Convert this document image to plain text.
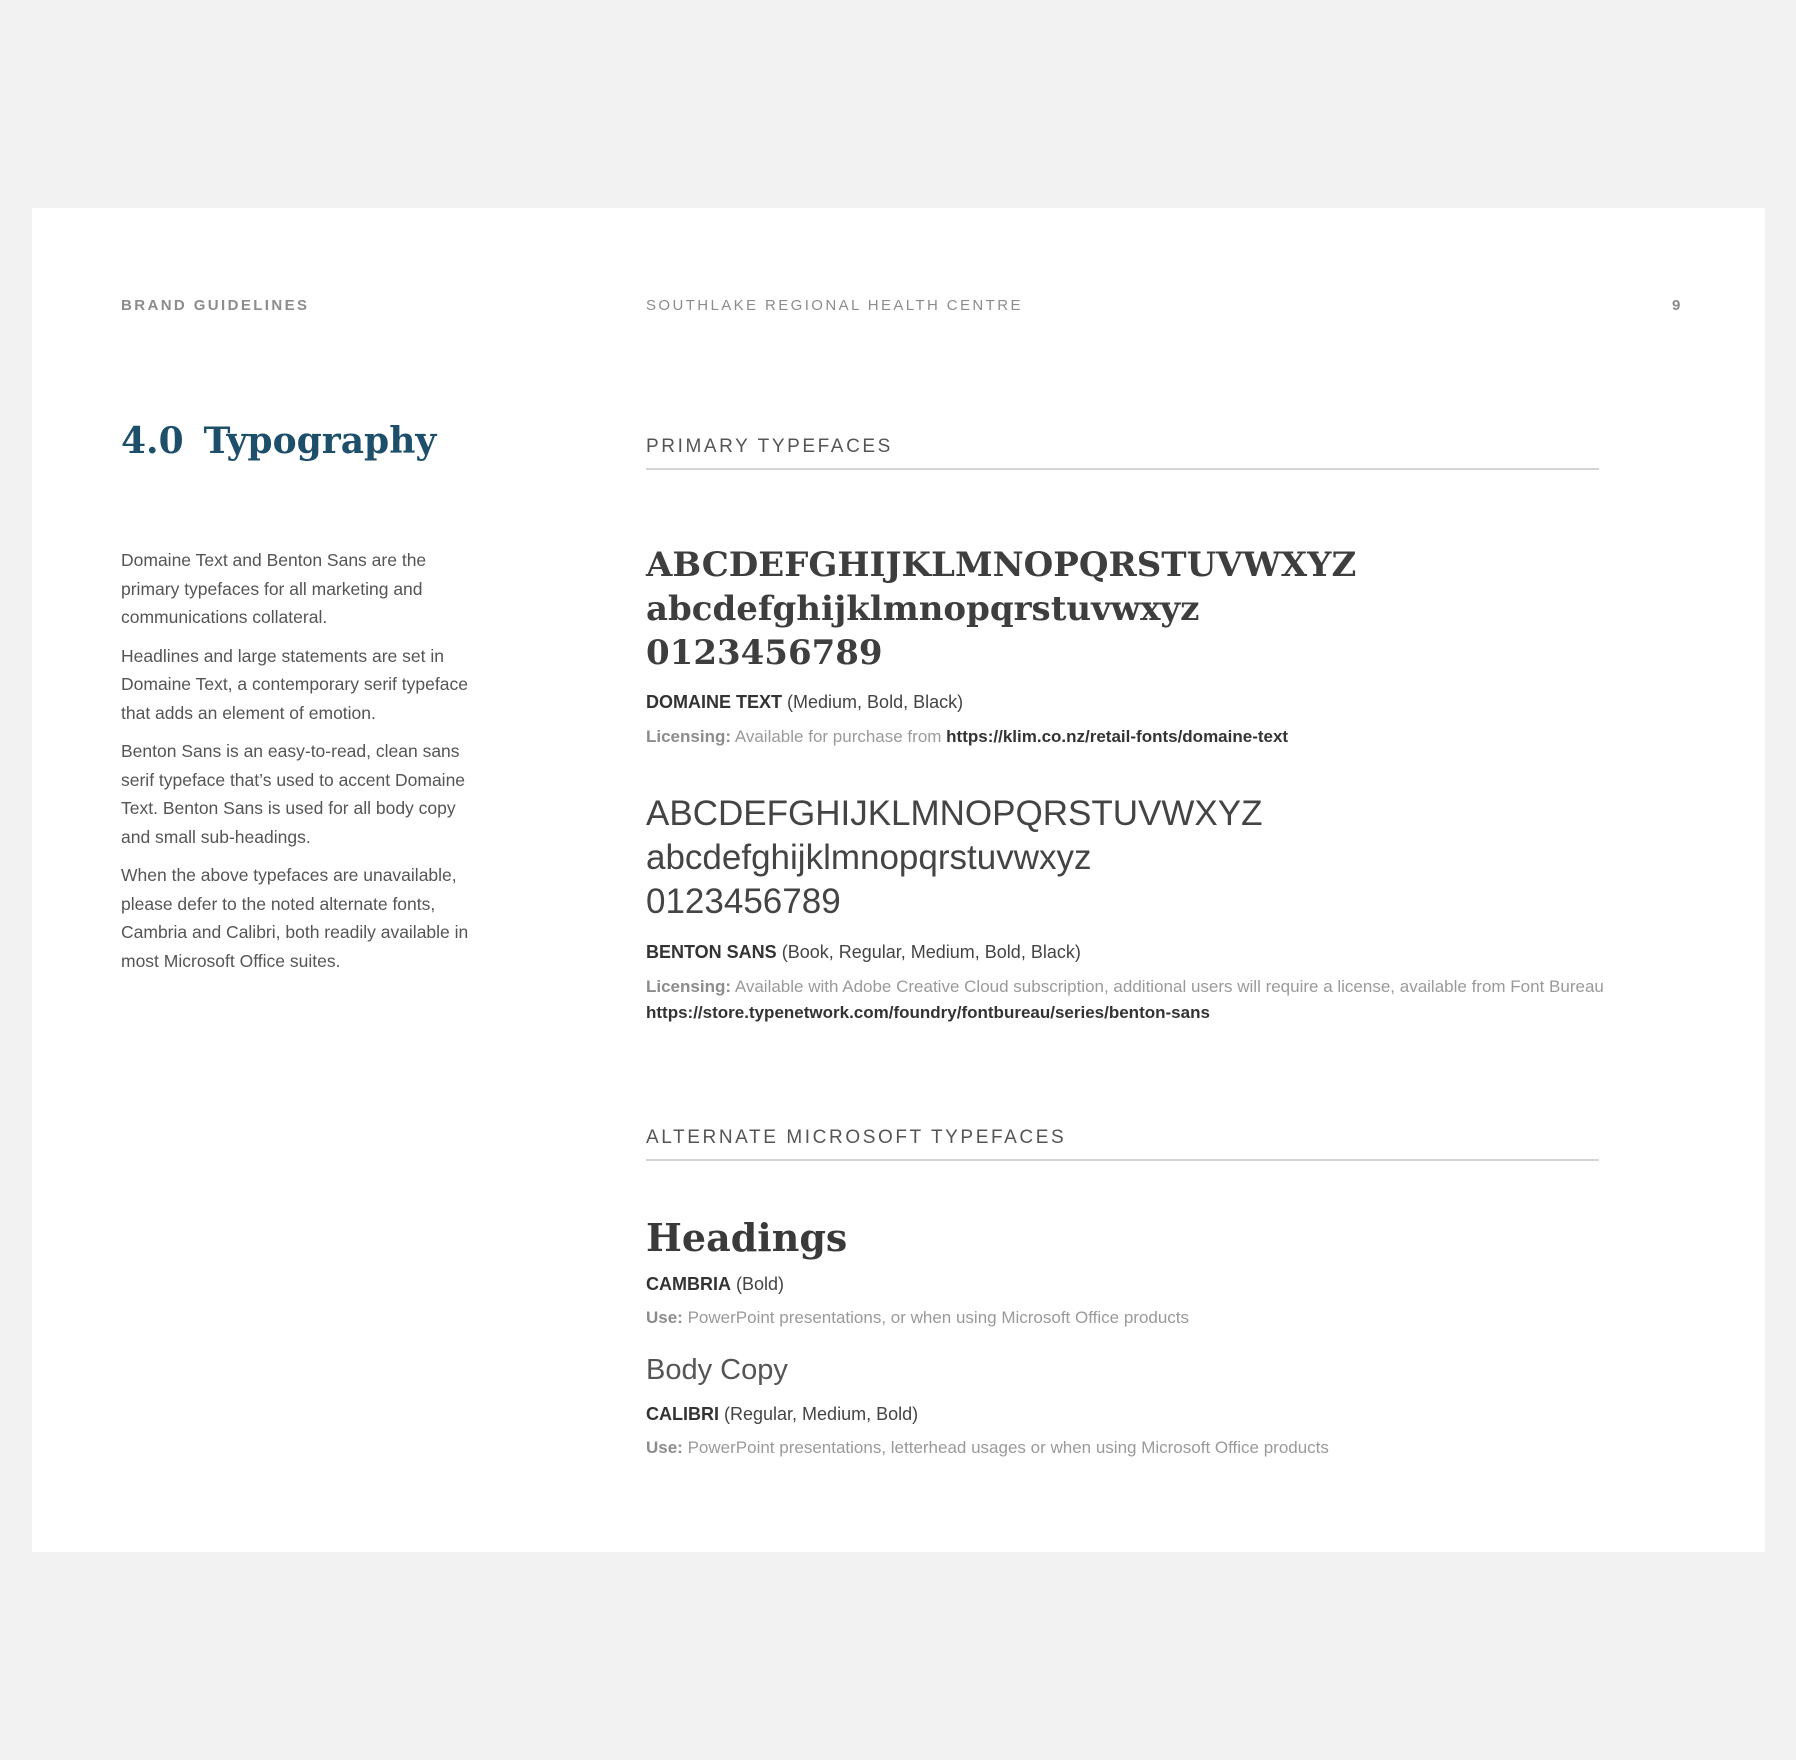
BRAND GUIDELINES	SOUTHLAKE REGIONAL HEALTH CENTRE	9
4.0 Typography

Domaine Text and Benton Sans are the primary typefaces for all marketing and communications collateral.

Headlines and large statements are set in Domaine Text, a contemporary serif typeface that adds an element of emotion.

Benton Sans is an easy-to-read, clean sans serif typeface that’s used to accent Domaine Text. Benton Sans is used for all body copy and small sub-headings.

When the above typefaces are unavailable, please defer to the noted alternate fonts, Cambria and Calibri, both readily available in most Microsoft Office suites.

PRIMARY TYPEFACES
ABCDEFGHIJKLMNOPQRSTUVWXYZ
abcdefghijklmnopqrstuvwxyz
0123456789
DOMAINE TEXT (Medium, Bold, Black)
Licensing: Available for purchase from https://klim.co.nz/retail-fonts/domaine-text
ABCDEFGHIJKLMNOPQRSTUVWXYZ
abcdefghijklmnopqrstuvwxyz
0123456789
BENTON SANS (Book, Regular, Medium, Bold, Black)
Licensing: Available with Adobe Creative Cloud subscription, additional users will require a license, available from Font Bureau https://store.typenetwork.com/foundry/fontbureau/series/benton-sans
ALTERNATE MICROSOFT TYPEFACES
Headings
CAMBRIA (Bold)
Use: PowerPoint presentations, or when using Microsoft Office products
Body Copy
CALIBRI (Regular, Medium, Bold)
Use: PowerPoint presentations, letterhead usages or when using Microsoft Office products
